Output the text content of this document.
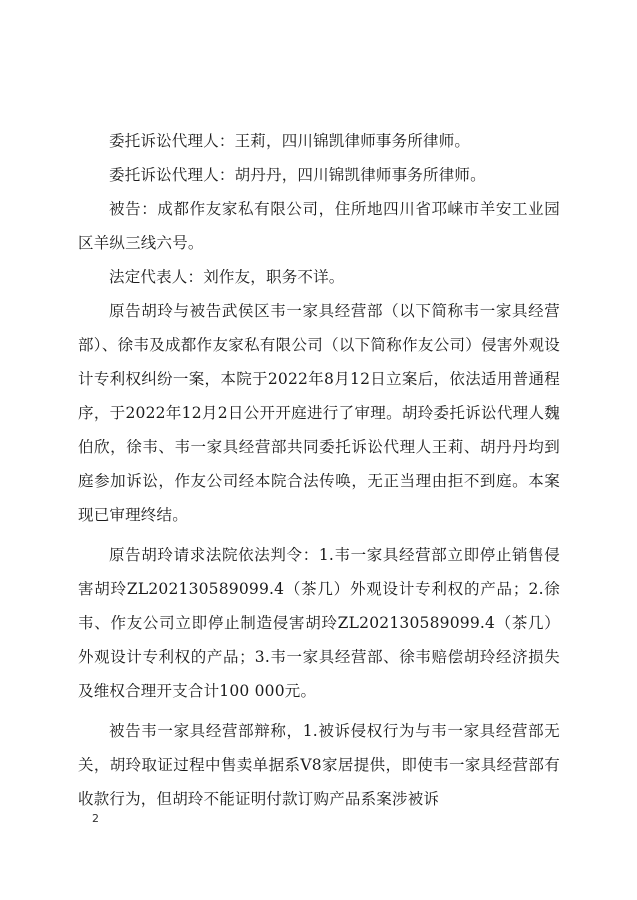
委托诉讼代理人：王莉，四川锦凯律师事务所律师。

委托诉讼代理人：胡丹丹，四川锦凯律师事务所律师。

被告：成都作友家私有限公司，住所地四川省邛崃市羊安工业园区羊纵三线六号。

法定代表人：刘作友，职务不详。

原告胡玲与被告武侯区韦一家具经营部（以下简称韦一家具经营部）、徐韦及成都作友家私有限公司（以下简称作友公司）侵害外观设计专利权纠纷一案，本院于2022年8月12日立案后，依法适用普通程序，于2022年12月2日公开开庭进行了审理。胡玲委托诉讼代理人魏伯欣，徐韦、韦一家具经营部共同委托诉讼代理人王莉、胡丹丹均到庭参加诉讼，作友公司经本院合法传唤，无正当理由拒不到庭。本案现已审理终结。

原告胡玲请求法院依法判令：1.韦一家具经营部立即停止销售侵害胡玲ZL202130589099.4（茶几）外观设计专利权的产品；2.徐韦、作友公司立即停止制造侵害胡玲ZL202130589099.4（茶几）外观设计专利权的产品；3.韦一家具经营部、徐韦赔偿胡玲经济损失及维权合理开支合计100 000元。

被告韦一家具经营部辩称，1.被诉侵权行为与韦一家具经营部无关，胡玲取证过程中售卖单据系V8家居提供，即使韦一家具经营部有收款行为，但胡玲不能证明付款订购产品系案涉被诉

2
